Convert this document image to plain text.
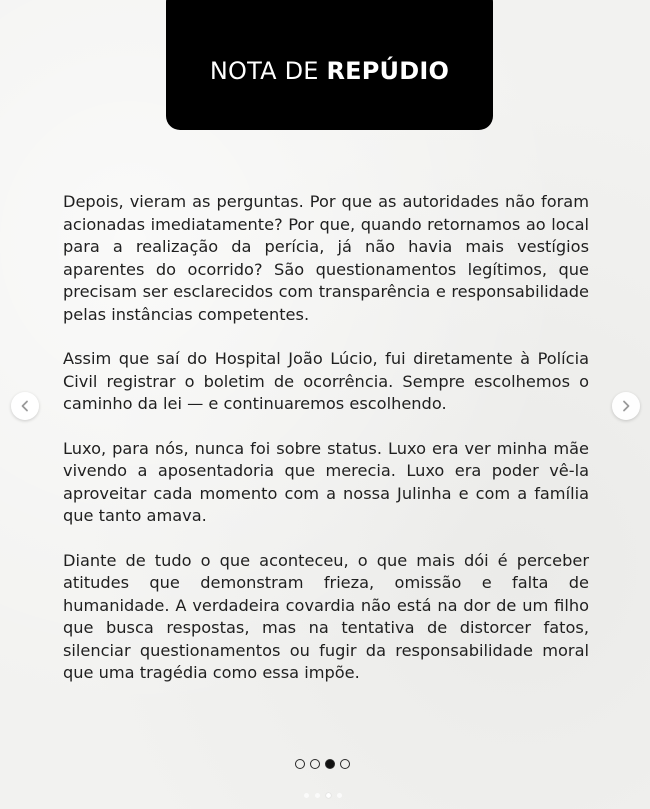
NOTA DE REPÚDIO

Depois, vieram as perguntas. Por que as autoridades não foram acionadas imediatamente? Por que, quando retornamos ao local para a realização da perícia, já não havia mais vestígios aparentes do ocorrido? São questionamentos legítimos, que precisam ser esclarecidos com transparência e responsabilidade pelas instâncias competentes.

Assim que saí do Hospital João Lúcio, fui diretamente à Polícia Civil registrar o boletim de ocorrência. Sempre escolhemos o caminho da lei — e continuaremos escolhendo.

Luxo, para nós, nunca foi sobre status. Luxo era ver minha mãe vivendo a aposentadoria que merecia. Luxo era poder vê-la aproveitar cada momento com a nossa Julinha e com a família que tanto amava.

Diante de tudo o que aconteceu, o que mais dói é perceber atitudes que demonstram frieza, omissão e falta de humanidade. A verdadeira covardia não está na dor de um filho que busca respostas, mas na tentativa de distorcer fatos, silenciar questionamentos ou fugir da responsabilidade moral que uma tragédia como essa impõe.
